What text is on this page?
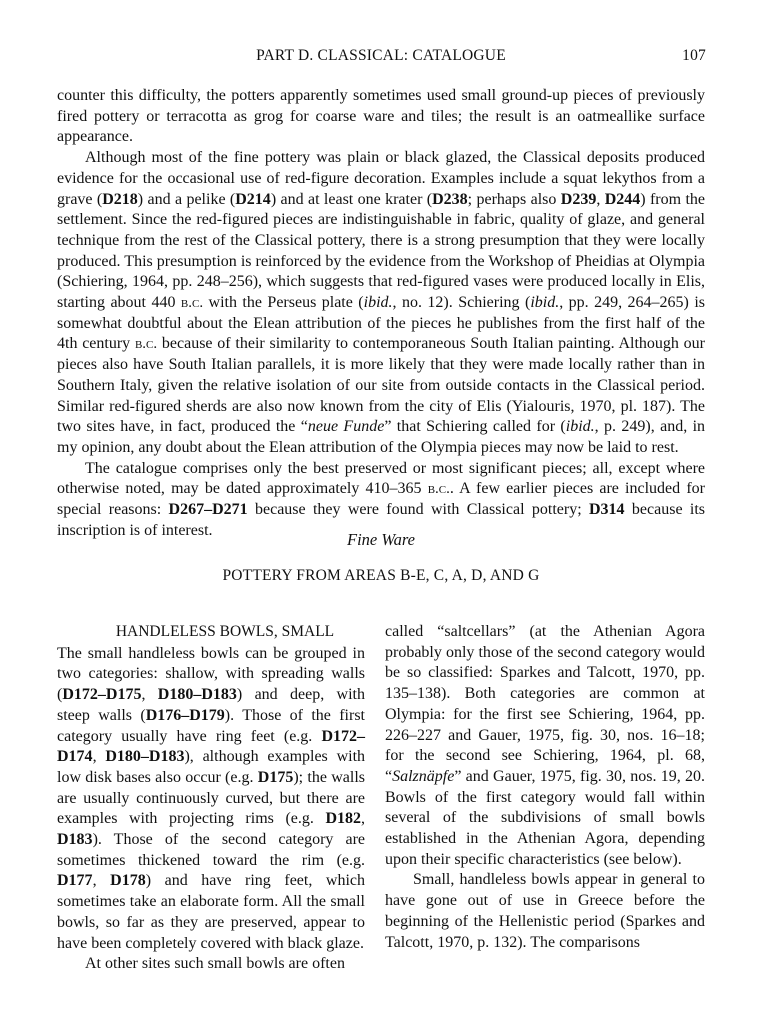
PART D. CLASSICAL: CATALOGUE	107

counter this difficulty, the potters apparently sometimes used small ground-up pieces of previously fired pottery or terracotta as grog for coarse ware and tiles; the result is an oatmeallike surface appearance.

Although most of the fine pottery was plain or black glazed, the Classical deposits produced evidence for the occasional use of red-figure decoration. Examples include a squat lekythos from a grave (D218) and a pelike (D214) and at least one krater (D238; perhaps also D239, D244) from the settlement. Since the red-figured pieces are indistinguishable in fabric, quality of glaze, and general technique from the rest of the Classical pottery, there is a strong presumption that they were locally produced. This presumption is reinforced by the evidence from the Workshop of Pheidias at Olympia (Schiering, 1964, pp. 248–256), which suggests that red-figured vases were produced locally in Elis, starting about 440 b.c. with the Perseus plate (ibid., no. 12). Schiering (ibid., pp. 249, 264–265) is somewhat doubtful about the Elean attribution of the pieces he publishes from the first half of the 4th century b.c. because of their similarity to contemporaneous South Italian painting. Although our pieces also have South Italian parallels, it is more likely that they were made locally rather than in Southern Italy, given the relative isolation of our site from outside contacts in the Classical period. Similar red-figured sherds are also now known from the city of Elis (Yialouris, 1970, pl. 187). The two sites have, in fact, produced the “neue Funde” that Schiering called for (ibid., p. 249), and, in my opinion, any doubt about the Elean attribution of the Olympia pieces may now be laid to rest.

The catalogue comprises only the best preserved or most significant pieces; all, except where otherwise noted, may be dated approximately 410–365 b.c.. A few earlier pieces are included for special reasons: D267–D271 because they were found with Classical pottery; D314 because its inscription is of interest.	Fine Ware
POTTERY FROM AREAS B-E, C, A, D, AND G

HANDLELESS BOWLS, SMALL

The small handleless bowls can be grouped in two categories: shallow, with spreading walls (D172–D175, D180–D183) and deep, with steep walls (D176–D179). Those of the first category usually have ring feet (e.g. D172–D174, D180–D183), although examples with low disk bases also occur (e.g. D175); the walls are usually continuously curved, but there are examples with projecting rims (e.g. D182, D183). Those of the second category are sometimes thickened toward the rim (e.g. D177, D178) and have ring feet, which sometimes take an elaborate form. All the small bowls, so far as they are preserved, appear to have been completely covered with black glaze.

At other sites such small bowls are often

called “saltcellars” (at the Athenian Agora probably only those of the second category would be so classified: Sparkes and Talcott, 1970, pp. 135–138). Both categories are common at Olympia: for the first see Schiering, 1964, pp. 226–227 and Gauer, 1975, fig. 30, nos. 16–18; for the second see Schiering, 1964, pl. 68, “Salznäpfe” and Gauer, 1975, fig. 30, nos. 19, 20. Bowls of the first category would fall within several of the subdivisions of small bowls established in the Athenian Agora, depending upon their specific characteristics (see below).

Small, handleless bowls appear in general to have gone out of use in Greece before the beginning of the Hellenistic period (Sparkes and Talcott, 1970, p. 132). The comparisons
